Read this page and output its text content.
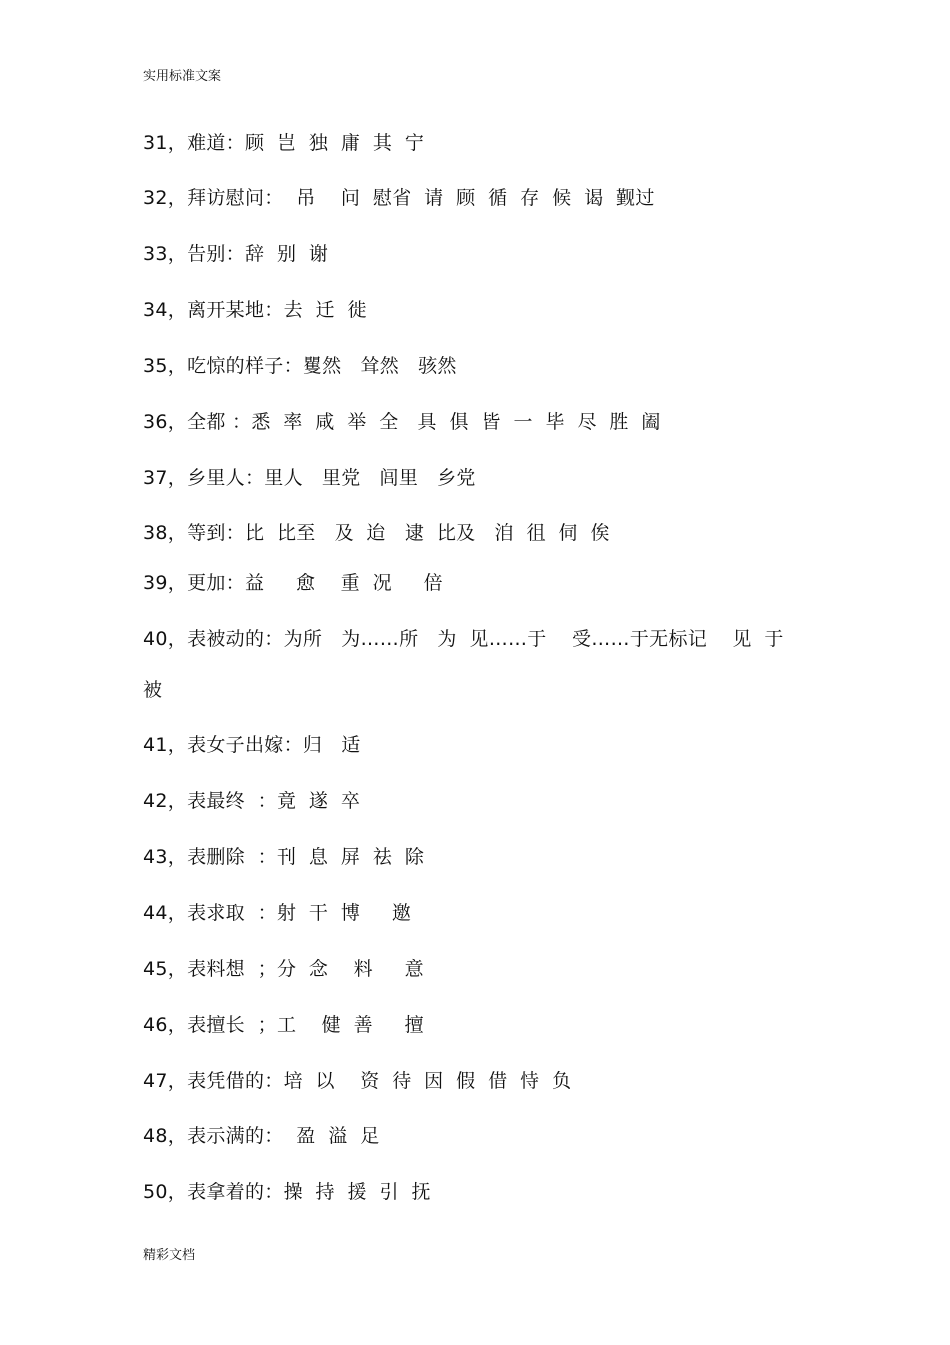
实用标准文案
31，难道：顾  岂  独  庸  其  宁
32，拜访慰问：  吊    问  慰省  请  顾  循  存  候  谒  觐过
33，告别：辞  别  谢
34，离开某地：去  迁  徙
35，吃惊的样子：矍然   耸然   骇然
36，全都 ：悉  率  咸  举  全   具  俱  皆  一  毕  尽  胜  阖
37，乡里人：里人   里党   闾里   乡党
38，等到：比  比至   及  迨   逮  比及   洎  徂  伺  俟
39，更加：益     愈    重  况     倍
40，表被动的：为所   为……所   为  见……于    受……于无标记    见  于
被
41，表女子出嫁：归   适
42，表最终  ：竟  遂  卒
43，表删除  ：刊  息  屏  祛  除
44，表求取  ：射  干  博     邀
45，表料想  ；分  念    料     意
46，表擅长  ；工    健  善     擅
47，表凭借的：培  以    资  待  因  假  借  恃  负
48，表示满的：  盈  溢  足
50，表拿着的：操  持  援  引  抚
精彩文档
